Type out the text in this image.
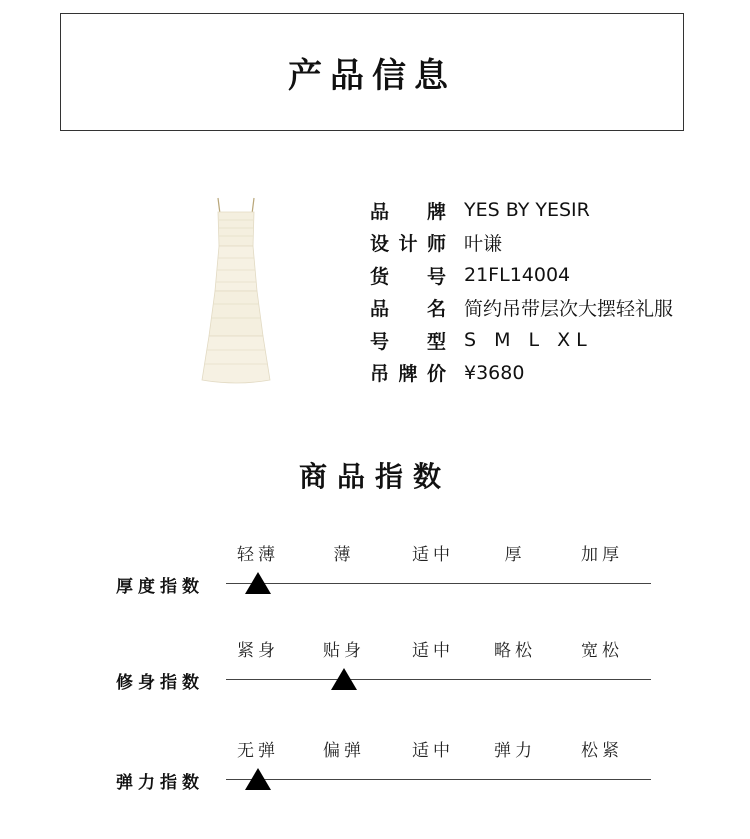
产品信息
品 牌 YES BY YESIR
设 计 师 叶谦
货 号 21FL14004
品 名 简约吊带层次大摆轻礼服
号 型 S M L XL
吊 牌 价 ¥3680
商品指数
轻薄	薄	适中	厚	加厚
厚度指数
紧身	贴身	适中	略松	宽松
修身指数
无弹	偏弹	适中	弹力	松紧
弹力指数
